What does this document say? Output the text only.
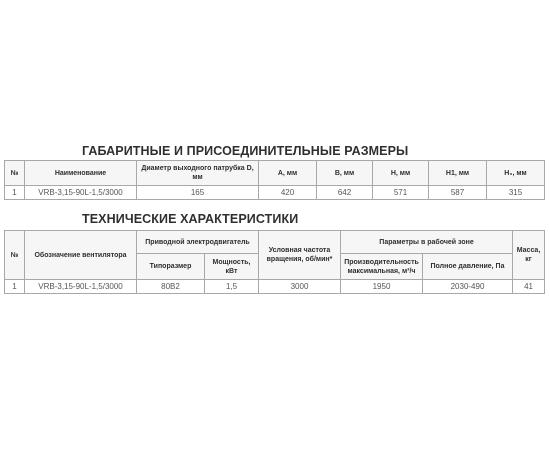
ГАБАРИТНЫЕ И ПРИСОЕДИНИТЕЛЬНЫЕ РАЗМЕРЫ
№	Наименование	Диаметр выходного патрубка D, мм	A, мм	B, мм	H, мм	H1, мм	H₀, мм
1	VRB-3,15-90L-1,5/3000	165	420	642	571	587	315
ТЕХНИЧЕСКИЕ ХАРАКТЕРИСТИКИ
№	Обозначение вентилятора	Приводной электродвигатель		Условная частота вращения, об/мин*	Параметры в рабочей зоне		Масса, кг
		Типоразмер	Мощность, кВт		Производительность максимальная, м³/ч	Полное давление, Па	
1	VRB-3,15-90L-1,5/3000	80B2	1,5	3000	1950	2030-490	41
